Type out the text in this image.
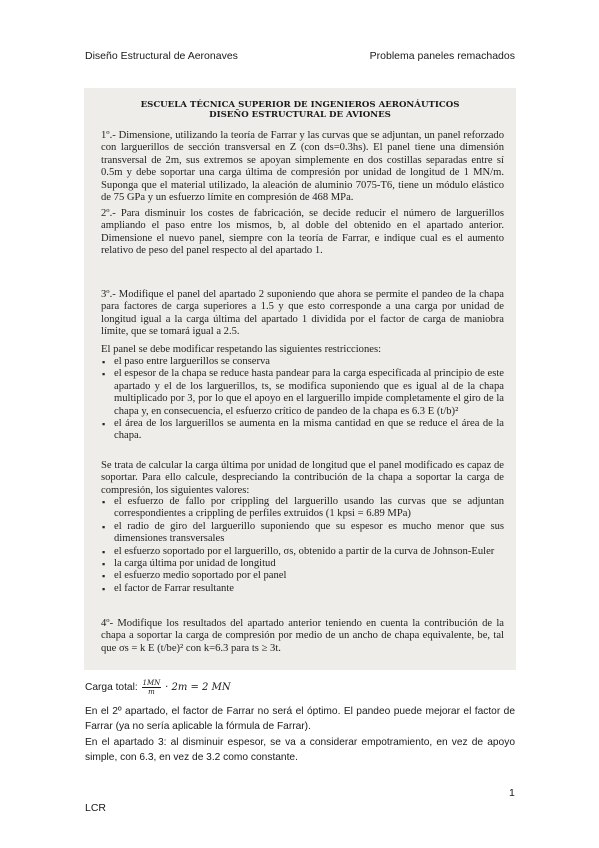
Diseño Estructural de Aeronaves	Problema paneles remachados
ESCUELA TÉCNICA SUPERIOR DE INGENIEROS AERONÁUTICOS
DISEÑO ESTRUCTURAL DE AVIONES
1º.- Dimensione, utilizando la teoría de Farrar y las curvas que se adjuntan, un panel reforzado con larguerillos de sección transversal en Z (con ds=0.3hs). El panel tiene una dimensión transversal de 2m, sus extremos se apoyan simplemente en dos costillas separadas entre sí 0.5m y debe soportar una carga última de compresión por unidad de longitud de 1 MN/m. Suponga que el material utilizado, la aleación de aluminio 7075-T6, tiene un módulo elástico de 75 GPa y un esfuerzo límite en compresión de 468 MPa.
2º.- Para disminuir los costes de fabricación, se decide reducir el número de larguerillos ampliando el paso entre los mismos, b, al doble del obtenido en el apartado anterior. Dimensione el nuevo panel, siempre con la teoría de Farrar, e indique cual es el aumento relativo de peso del panel respecto al del apartado 1.
3º.- Modifique el panel del apartado 2 suponiendo que ahora se permite el pandeo de la chapa para factores de carga superiores a 1.5 y que esto corresponde a una carga por unidad de longitud igual a la carga última del apartado 1 dividida por el factor de carga de maniobra límite, que se tomará igual a 2.5.
El panel se debe modificar respetando las siguientes restricciones:
▪ el paso entre larguerillos se conserva
▪ el espesor de la chapa se reduce hasta pandear para la carga especificada al principio de este apartado y el de los larguerillos, ts, se modifica suponiendo que es igual al de la chapa multiplicado por 3, por lo que el apoyo en el larguerillo impide completamente el giro de la chapa y, en consecuencia, el esfuerzo crítico de pandeo de la chapa es 6.3 E (t/b)²
▪ el área de los larguerillos se aumenta en la misma cantidad en que se reduce el área de la chapa.
Se trata de calcular la carga última por unidad de longitud que el panel modificado es capaz de soportar. Para ello calcule, despreciando la contribución de la chapa a soportar la carga de compresión, los siguientes valores:
▪ el esfuerzo de fallo por crippling del larguerillo usando las curvas que se adjuntan correspondientes a crippling de perfiles extruidos (1 kpsi = 6.89 MPa)
▪ el radio de giro del larguerillo suponiendo que su espesor es mucho menor que sus dimensiones transversales
▪ el esfuerzo soportado por el larguerillo, σs, obtenido a partir de la curva de Johnson-Euler
▪ la carga última por unidad de longitud
▪ el esfuerzo medio soportado por el panel
▪ el factor de Farrar resultante
4º- Modifique los resultados del apartado anterior teniendo en cuenta la contribución de la chapa a soportar la carga de compresión por medio de un ancho de chapa equivalente, be, tal que σs = k E (t/be)² con k=6.3 para ts ≥ 3t.
Carga total: $\frac{1MN}{m} \cdot 2m = 2$ MN
En el 2º apartado, el factor de Farrar no será el óptimo. El pandeo puede mejorar el factor de Farrar (ya no sería aplicable la fórmula de Farrar).
En el apartado 3: al disminuir espesor, se va a considerar empotramiento, en vez de apoyo simple, con 6.3, en vez de 3.2 como constante.
1
LCR
